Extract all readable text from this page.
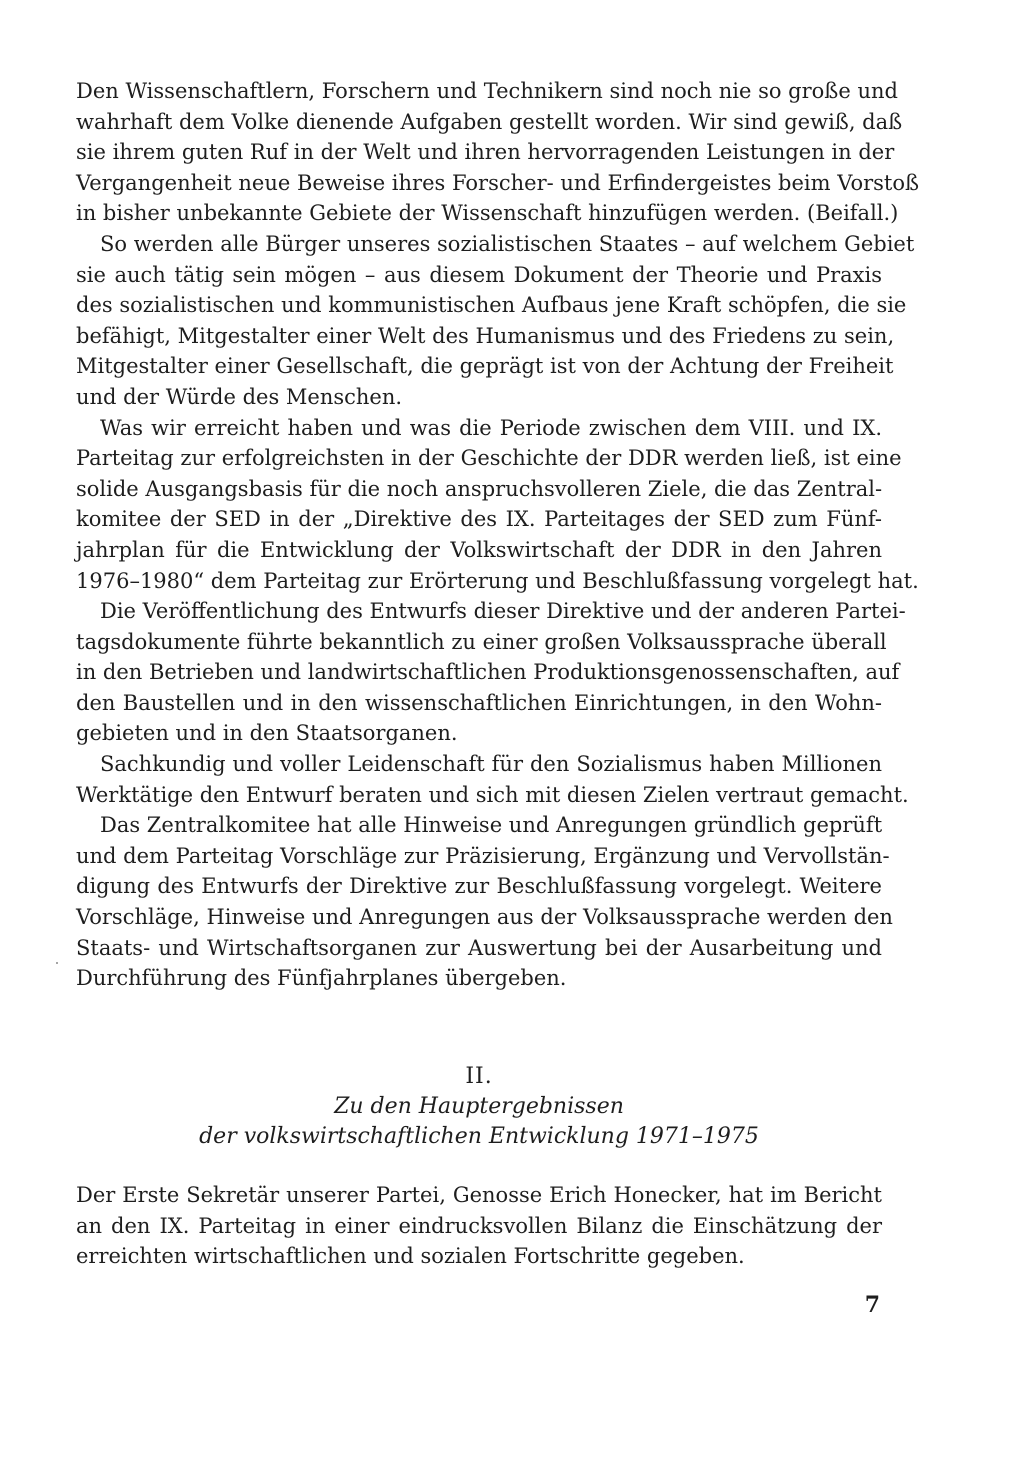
Den Wissenschaftlern, Forschern und Technikern sind noch nie so große und
wahrhaft dem Volke dienende Aufgaben gestellt worden. Wir sind gewiß, daß
sie ihrem guten Ruf in der Welt und ihren hervorragenden Leistungen in der
Vergangenheit neue Beweise ihres Forscher- und Erfindergeistes beim Vorstoß
in bisher unbekannte Gebiete der Wissenschaft hinzufügen werden. (Beifall.)

So werden alle Bürger unseres sozialistischen Staates – auf welchem Gebiet
sie auch tätig sein mögen – aus diesem Dokument der Theorie und Praxis
des sozialistischen und kommunistischen Aufbaus jene Kraft schöpfen, die sie
befähigt, Mitgestalter einer Welt des Humanismus und des Friedens zu sein,
Mitgestalter einer Gesellschaft, die geprägt ist von der Achtung der Freiheit
und der Würde des Menschen.

Was wir erreicht haben und was die Periode zwischen dem VIII. und IX.
Parteitag zur erfolgreichsten in der Geschichte der DDR werden ließ, ist eine
solide Ausgangsbasis für die noch anspruchsvolleren Ziele, die das Zentral-
komitee der SED in der „Direktive des IX. Parteitages der SED zum Fünf-
jahrplan für die Entwicklung der Volkswirtschaft der DDR in den Jahren
1976–1980“ dem Parteitag zur Erörterung und Beschlußfassung vorgelegt hat.

Die Veröffentlichung des Entwurfs dieser Direktive und der anderen Partei-
tagsdokumente führte bekanntlich zu einer großen Volksaussprache überall
in den Betrieben und landwirtschaftlichen Produktionsgenossenschaften, auf
den Baustellen und in den wissenschaftlichen Einrichtungen, in den Wohn-
gebieten und in den Staatsorganen.

Sachkundig und voller Leidenschaft für den Sozialismus haben Millionen
Werktätige den Entwurf beraten und sich mit diesen Zielen vertraut gemacht.

Das Zentralkomitee hat alle Hinweise und Anregungen gründlich geprüft
und dem Parteitag Vorschläge zur Präzisierung, Ergänzung und Vervollstän-
digung des Entwurfs der Direktive zur Beschlußfassung vorgelegt. Weitere
Vorschläge, Hinweise und Anregungen aus der Volksaussprache werden den
Staats- und Wirtschaftsorganen zur Auswertung bei der Ausarbeitung und
Durchführung des Fünfjahrplanes übergeben.

II.

Zu den Hauptergebnissen

der volkswirtschaftlichen Entwicklung 1971–1975

Der Erste Sekretär unserer Partei, Genosse Erich Honecker, hat im Bericht
an den IX. Parteitag in einer eindrucksvollen Bilanz die Einschätzung der
erreichten wirtschaftlichen und sozialen Fortschritte gegeben.

7
